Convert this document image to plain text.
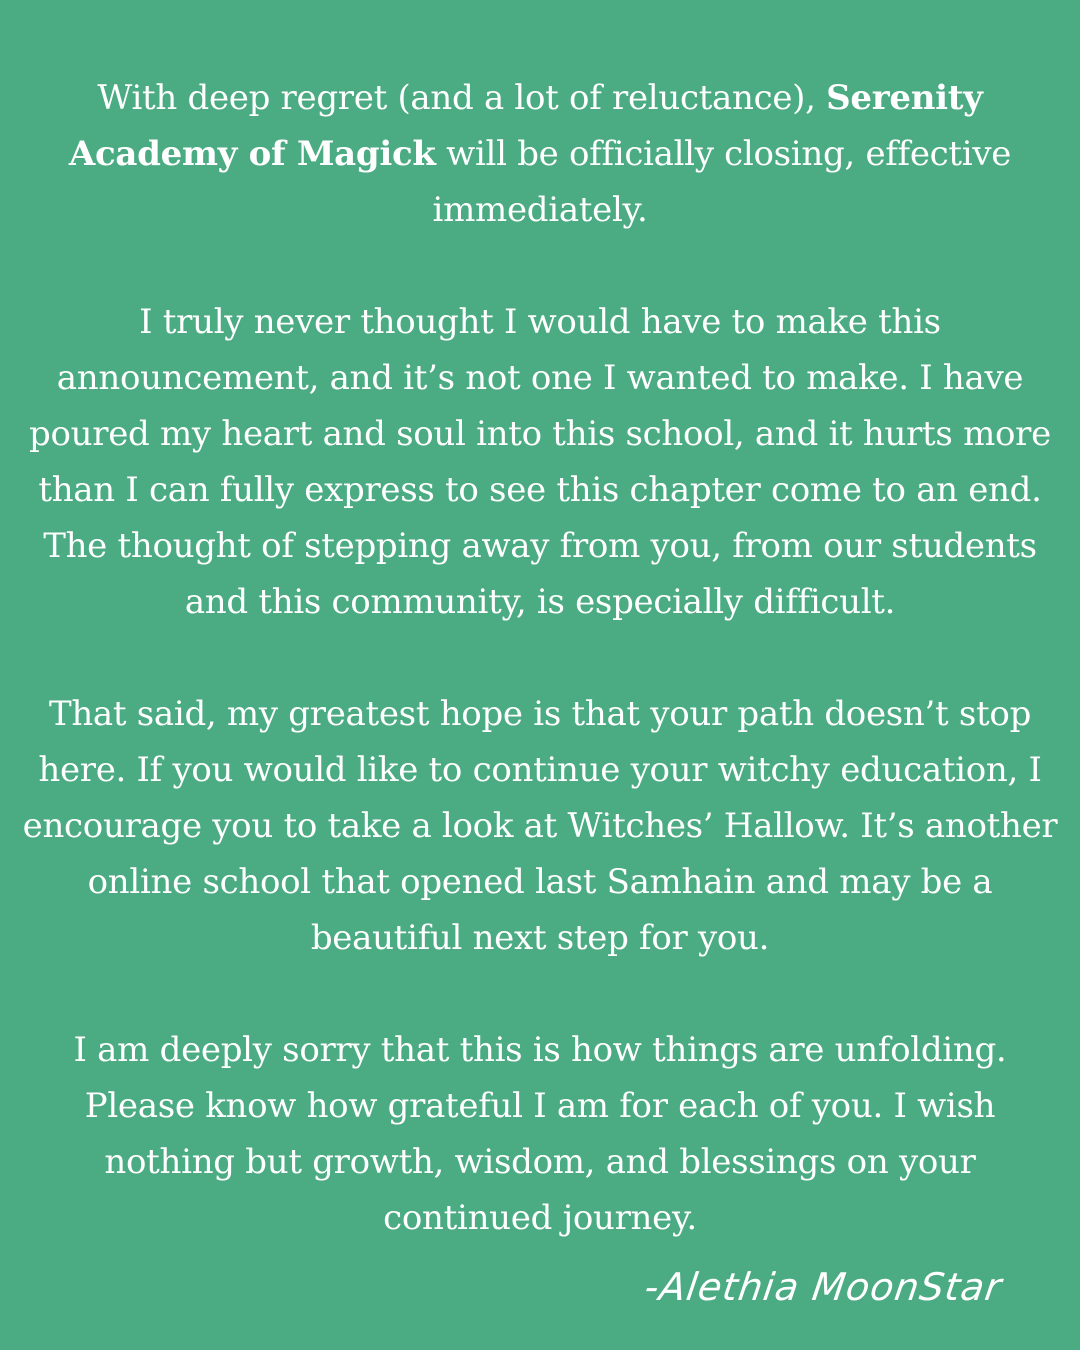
With deep regret (and a lot of reluctance), Serenity Academy of Magick will be officially closing, effective immediately.

I truly never thought I would have to make this announcement, and it’s not one I wanted to make. I have poured my heart and soul into this school, and it hurts more than I can fully express to see this chapter come to an end. The thought of stepping away from you, from our students and this community, is especially difficult.

That said, my greatest hope is that your path doesn’t stop here. If you would like to continue your witchy education, I encourage you to take a look at Witches’ Hallow. It’s another online school that opened last Samhain and may be a beautiful next step for you.

I am deeply sorry that this is how things are unfolding. Please know how grateful I am for each of you. I wish nothing but growth, wisdom, and blessings on your continued journey.

-Alethia MoonStar
